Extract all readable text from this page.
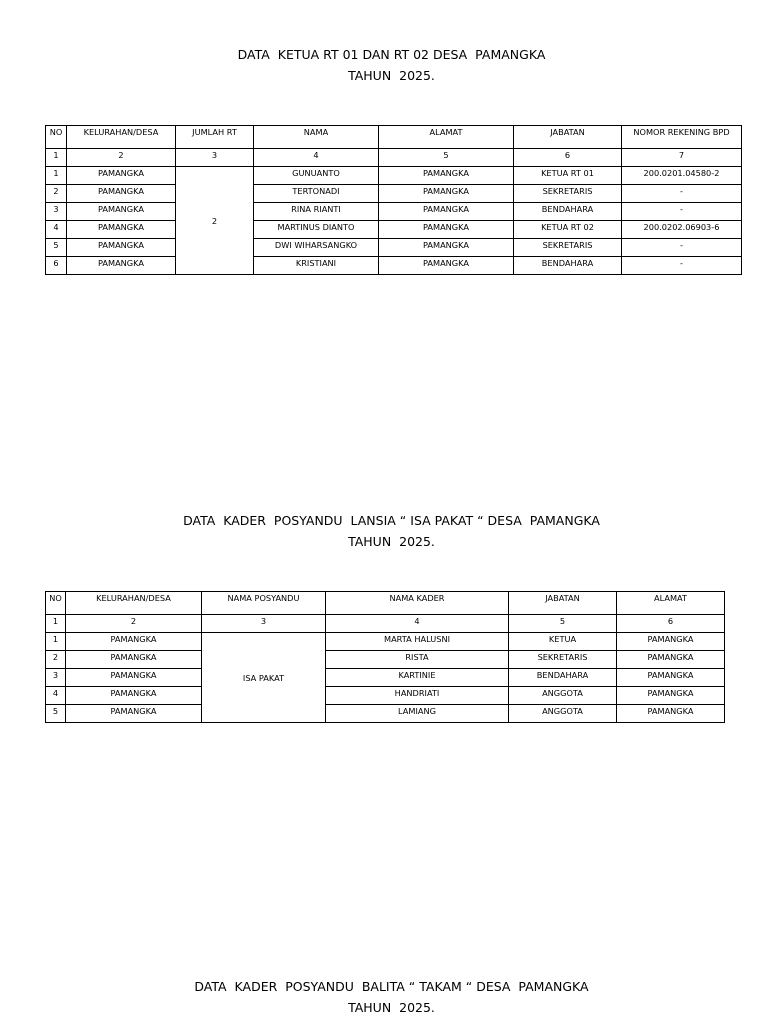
DATA  KETUA RT 01 DAN RT 02 DESA  PAMANGKA
TAHUN  2025.
NO	KELURAHAN/DESA	JUMLAH RT	NAMA	ALAMAT	JABATAN	NOMOR REKENING BPD
1	2	3	4	5	6	7
1	PAMANGKA	2	GUNUANTO	PAMANGKA	KETUA RT 01	200.0201.04580-2
2	PAMANGKA		TERTONADI	PAMANGKA	SEKRETARIS	-
3	PAMANGKA		RINA RIANTI	PAMANGKA	BENDAHARA	-
4	PAMANGKA		MARTINUS DIANTO	PAMANGKA	KETUA RT 02	200.0202.06903-6
5	PAMANGKA		DWI WIHARSANGKO	PAMANGKA	SEKRETARIS	-
6	PAMANGKA		KRISTIANI	PAMANGKA	BENDAHARA	-
DATA  KADER  POSYANDU  LANSIA “ ISA PAKAT “ DESA  PAMANGKA
TAHUN  2025.
NO	KELURAHAN/DESA	NAMA POSYANDU	NAMA KADER	JABATAN	ALAMAT
1	2	3	4	5	6
1	PAMANGKA	ISA PAKAT	MARTA HALUSNI	KETUA	PAMANGKA
2	PAMANGKA		RISTA	SEKRETARIS	PAMANGKA
3	PAMANGKA		KARTINIE	BENDAHARA	PAMANGKA
4	PAMANGKA		HANDRIATI	ANGGOTA	PAMANGKA
5	PAMANGKA		LAMIANG	ANGGOTA	PAMANGKA
DATA  KADER  POSYANDU  BALITA “ TAKAM “ DESA  PAMANGKA
TAHUN  2025.
